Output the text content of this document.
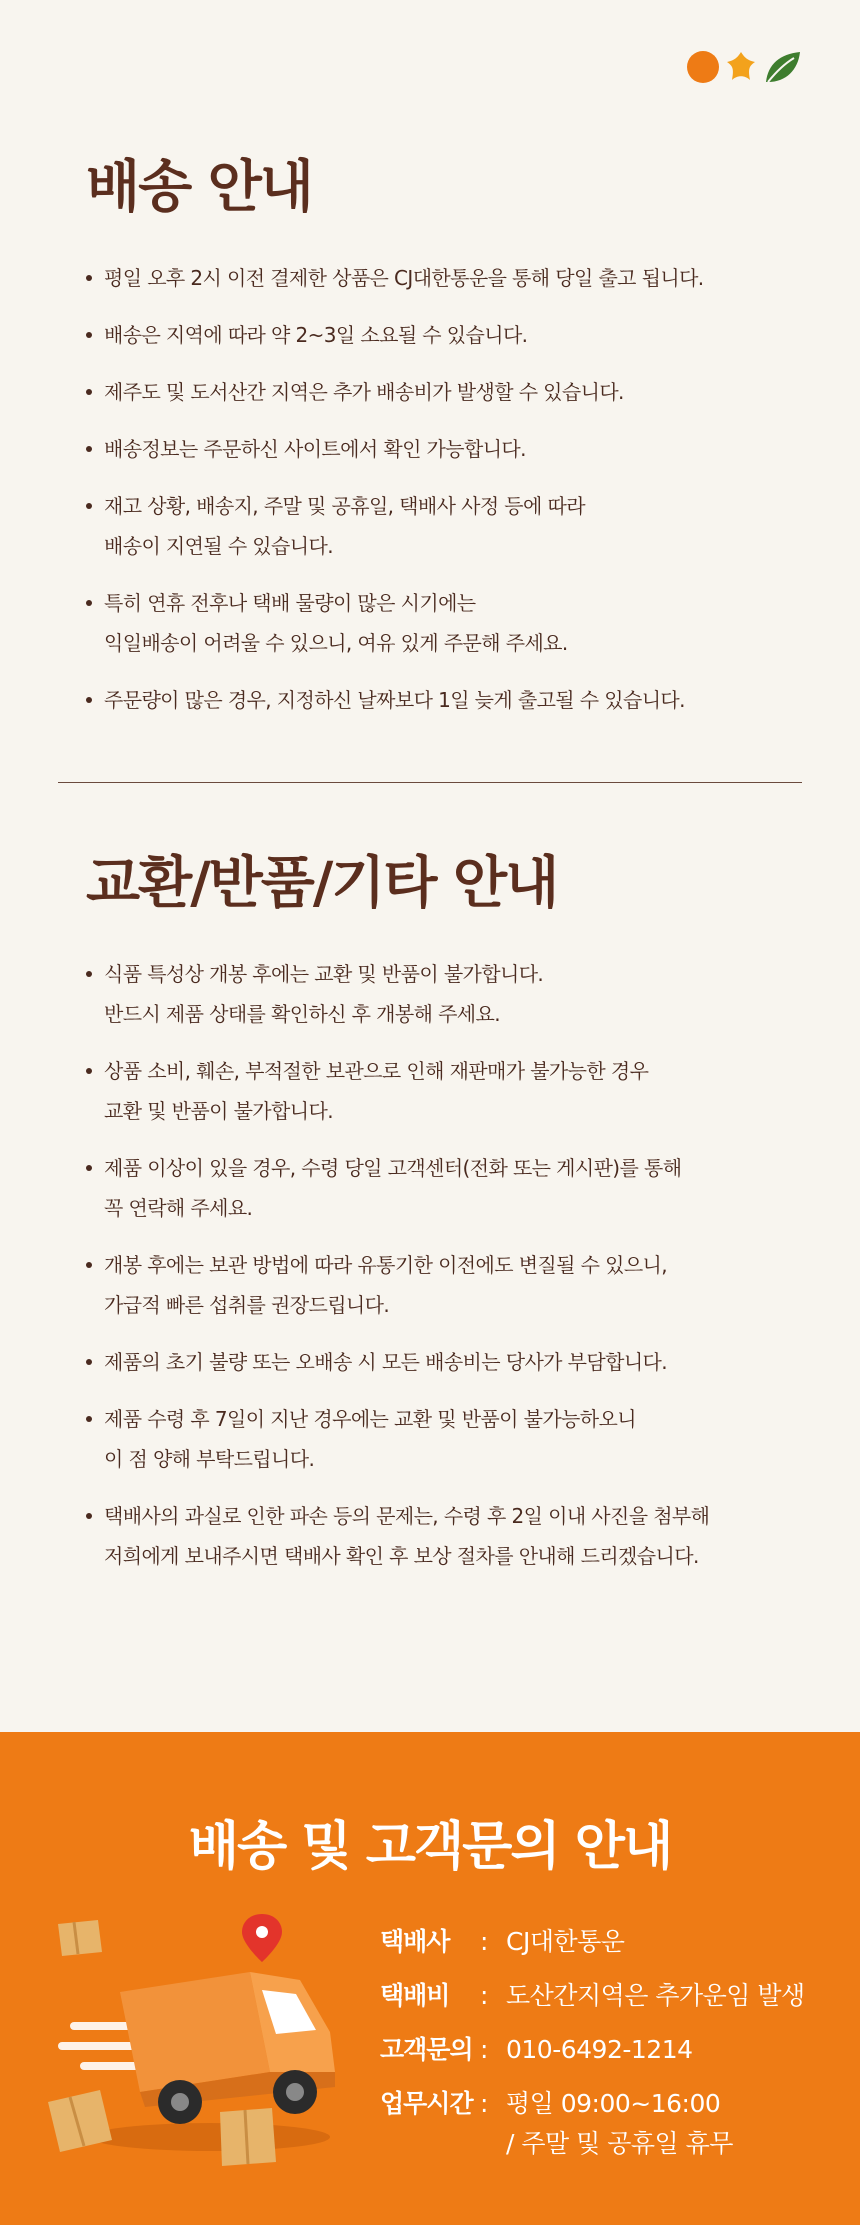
배송 안내
평일 오후 2시 이전 결제한 상품은 CJ대한통운을 통해 당일 출고 됩니다.
배송은 지역에 따라 약 2~3일 소요될 수 있습니다.
제주도 및 도서산간 지역은 추가 배송비가 발생할 수 있습니다.
배송정보는 주문하신 사이트에서 확인 가능합니다.
재고 상황, 배송지, 주말 및 공휴일, 택배사 사정 등에 따라
배송이 지연될 수 있습니다.
특히 연휴 전후나 택배 물량이 많은 시기에는
익일배송이 어려울 수 있으니, 여유 있게 주문해 주세요.
주문량이 많은 경우, 지정하신 날짜보다 1일 늦게 출고될 수 있습니다.
교환/반품/기타 안내
식품 특성상 개봉 후에는 교환 및 반품이 불가합니다.
반드시 제품 상태를 확인하신 후 개봉해 주세요.
상품 소비, 훼손, 부적절한 보관으로 인해 재판매가 불가능한 경우
교환 및 반품이 불가합니다.
제품 이상이 있을 경우, 수령 당일 고객센터(전화 또는 게시판)를 통해
꼭 연락해 주세요.
개봉 후에는 보관 방법에 따라 유통기한 이전에도 변질될 수 있으니,
가급적 빠른 섭취를 권장드립니다.
제품의 초기 불량 또는 오배송 시 모든 배송비는 당사가 부담합니다.
제품 수령 후 7일이 지난 경우에는 교환 및 반품이 불가능하오니
이 점 양해 부탁드립니다.
택배사의 과실로 인한 파손 등의 문제는, 수령 후 2일 이내 사진을 첨부해
저희에게 보내주시면 택배사 확인 후 보상 절차를 안내해 드리겠습니다.
배송 및 고객문의 안내
택배사	: CJ대한통운
택배비	: 도산간지역은 추가운임 발생
고객문의 : 010-6492-1214
업무시간 : 평일 09:00~16:00
/ 주말 및 공휴일 휴무
